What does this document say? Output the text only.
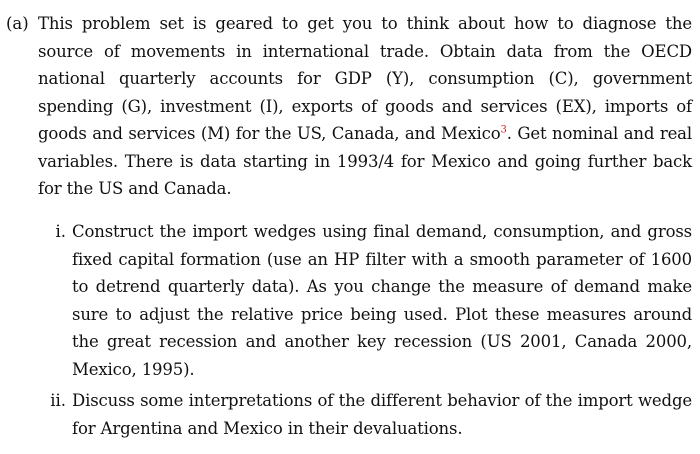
(a) This problem set is geared to get you to think about how to diagnose the source of movements in international trade. Obtain data from the OECD national quarterly accounts for GDP (Y), consumption (C), government spending (G), investment (I), exports of goods and services (EX), imports of goods and services (M) for the US, Canada, and Mexico$^3$. Get nominal and real variables. There is data starting in 1993/4 for Mexico and going further back for the US and Canada.
i. Construct the import wedges using final demand, consumption, and gross fixed capital formation (use an HP filter with a smooth parameter of 1600 to detrend quarterly data). As you change the measure of demand make sure to adjust the relative price being used. Plot these measures around the great recession and another key recession (US 2001, Canada 2000, Mexico, 1995).
ii. Discuss some interpretations of the different behavior of the import wedge for Argentina and Mexico in their devaluations.
